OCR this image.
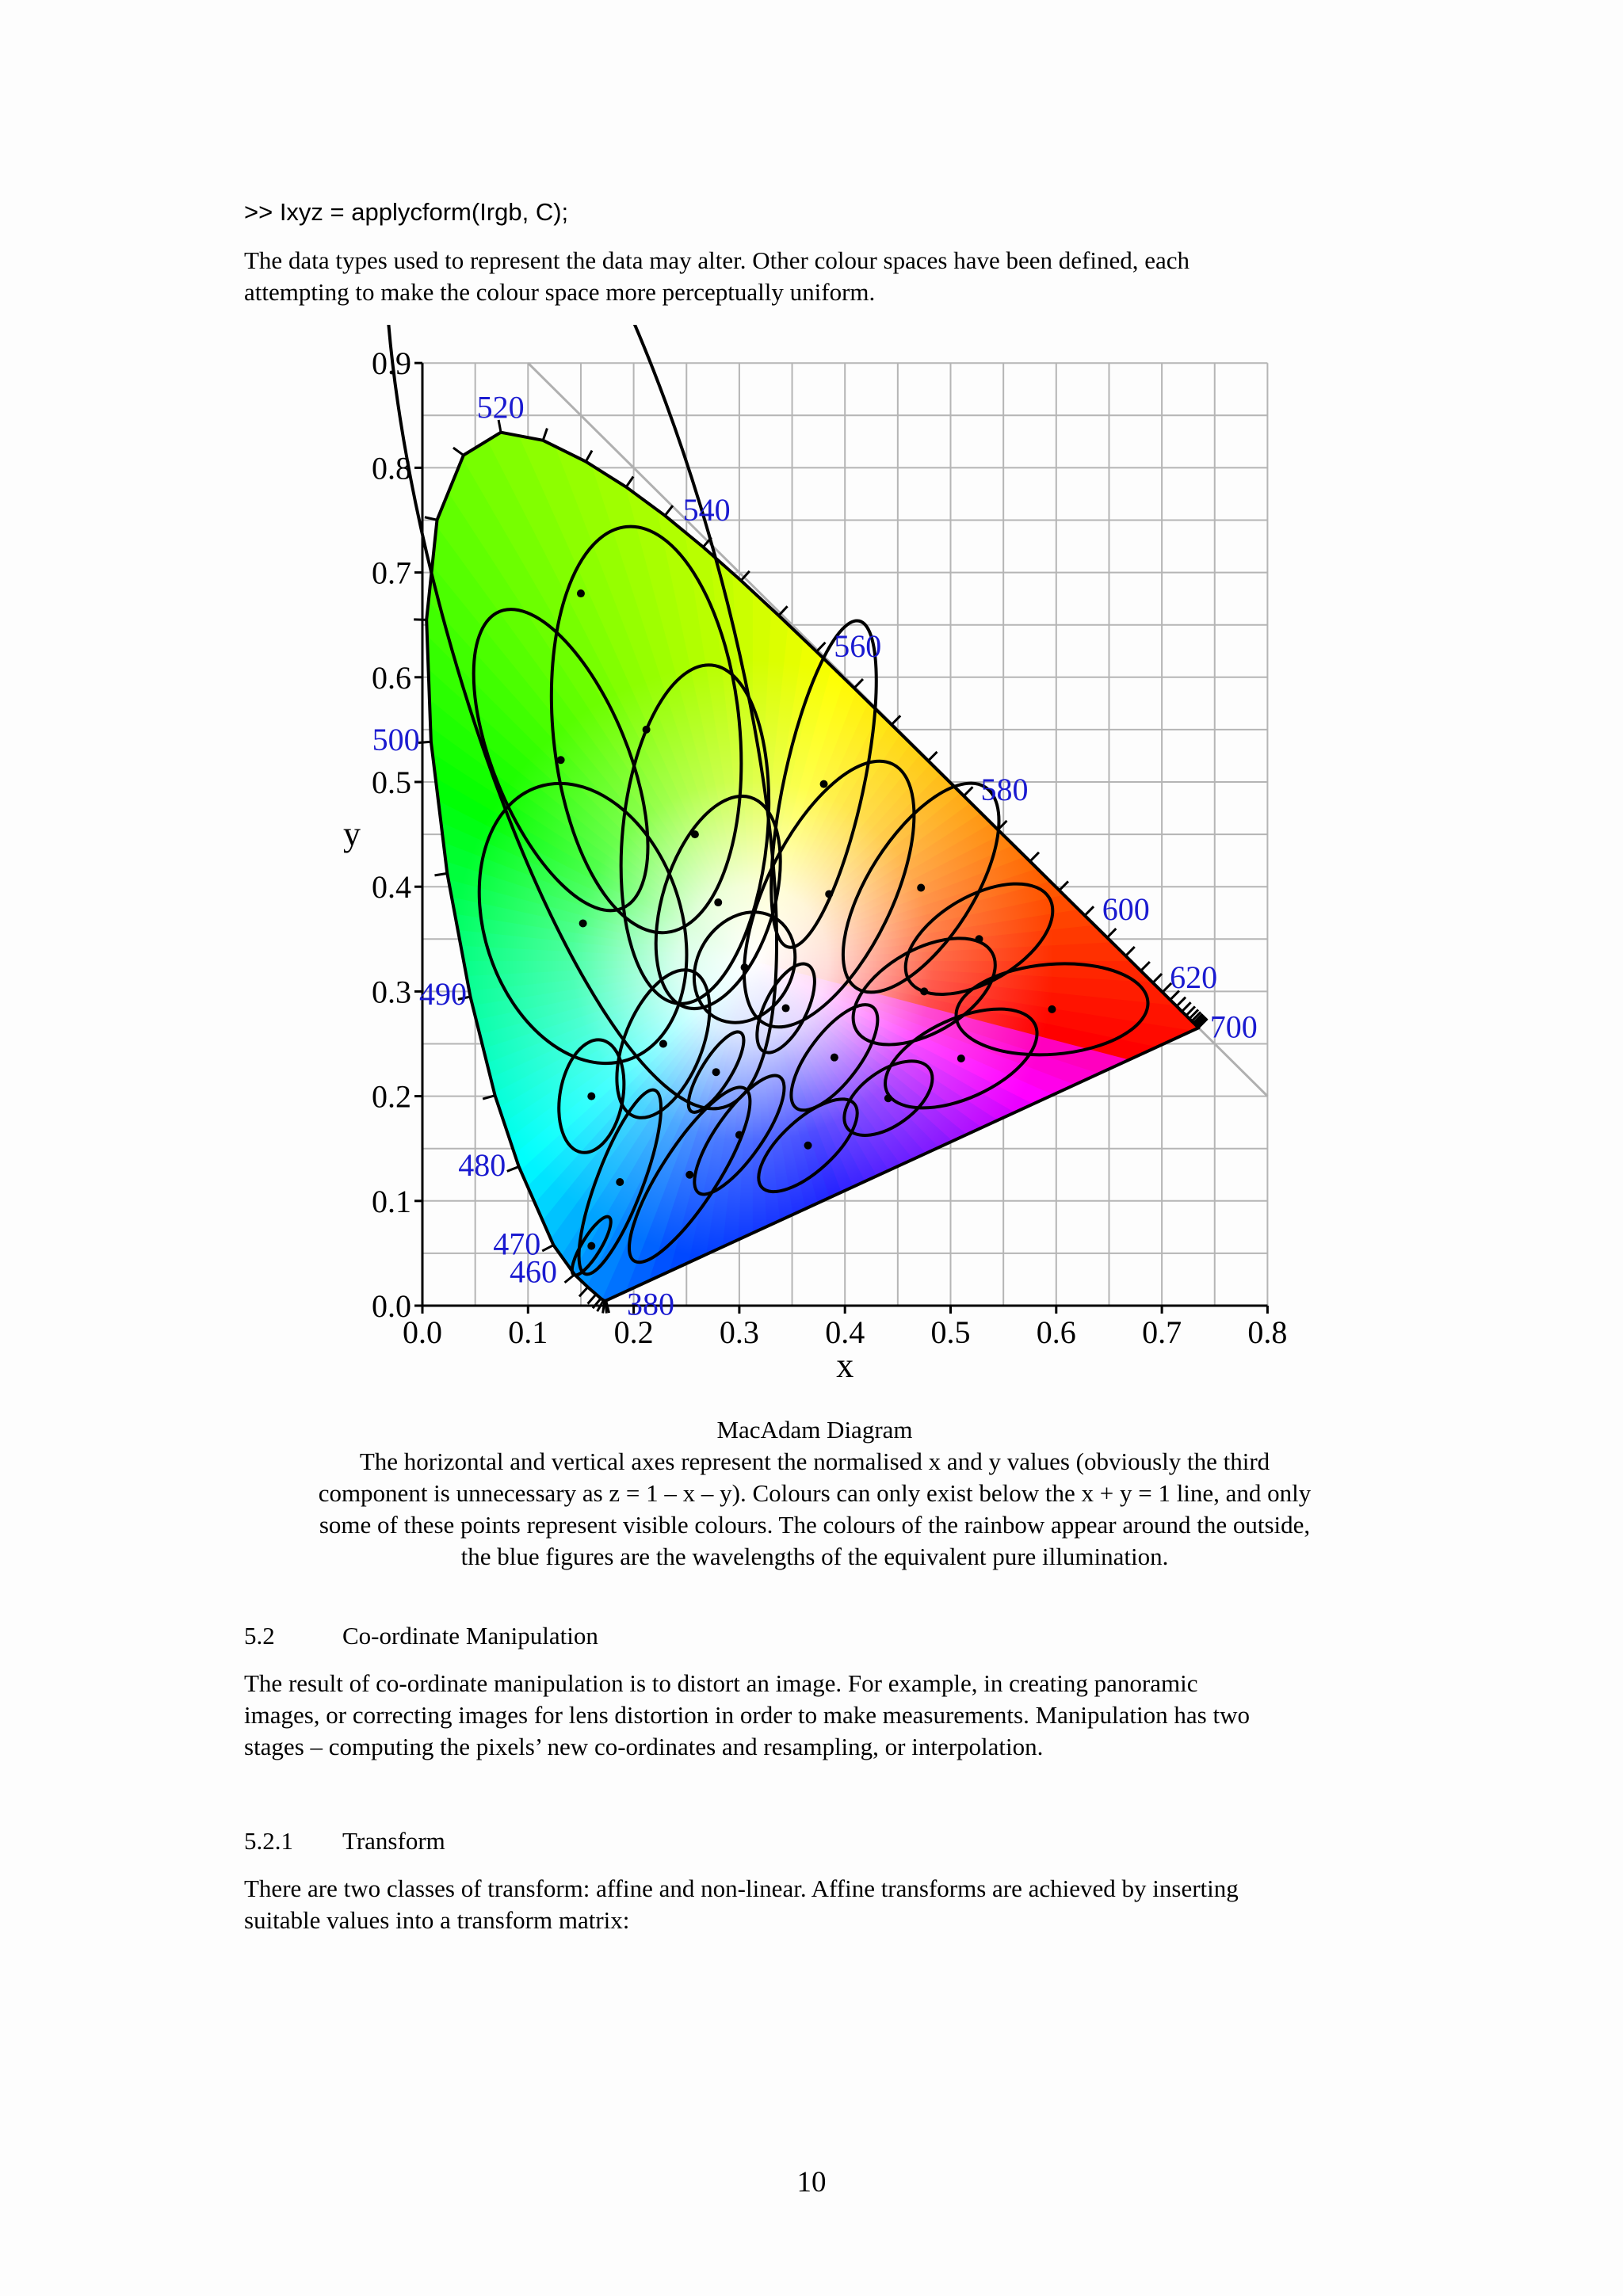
>> Ixyz = applycform(Irgb, C);
The data types used to represent the data may alter. Other colour spaces have been defined, each
attempting to make the colour space more perceptually uniform.
0.0 0.1 0.2 0.3 0.4 0.5 0.6 0.7 0.8
0.0
0.1
0.2
0.3
0.4
0.5
0.6
0.7
0.8
0.9
x
y
520
540
560
580
600
620
700
500
490
480
470
460
380
MacAdam Diagram
The horizontal and vertical axes represent the normalised x and y values (obviously the third
component is unnecessary as z = 1 – x – y). Colours can only exist below the x + y = 1 line, and only
some of these points represent visible colours. The colours of the rainbow appear around the outside,
the blue figures are the wavelengths of the equivalent pure illumination.
5.2	Co-ordinate Manipulation
The result of co-ordinate manipulation is to distort an image. For example, in creating panoramic
images, or correcting images for lens distortion in order to make measurements. Manipulation has two
stages – computing the pixels’ new co-ordinates and resampling, or interpolation.
5.2.1 Transform
There are two classes of transform: affine and non-linear. Affine transforms are achieved by inserting
suitable values into a transform matrix:
10
